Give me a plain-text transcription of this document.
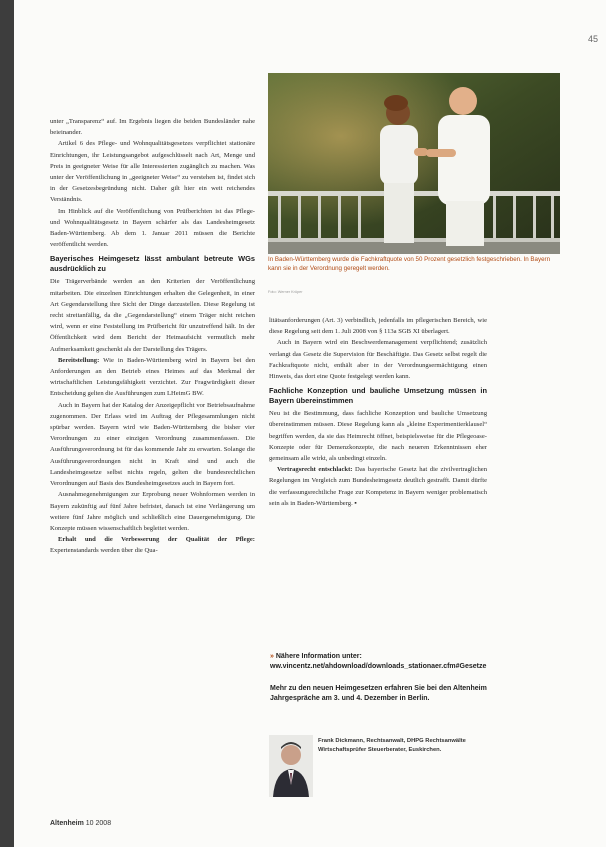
45

unter „Transparenz“ auf. Im Ergebnis liegen die beiden Bundesländer nahe beieinander.

Artikel 6 des Pflege- und Wohnqualitätsgesetzes verpflichtet stationäre Einrichtungen, ihr Leistungsangebot aufgeschlüsselt nach Art, Menge und Preis in geeigneter Weise für alle Interessierten zugänglich zu machen. Was unter der Veröffentlichung in „geeigneter Weise“ zu verstehen ist, findet sich in der Gesetzesbegründung nicht. Daher gilt hier ein weit reichendes Verständnis.

Im Hinblick auf die Veröffentlichung von Prüfberichten ist das Pflege- und Wohnqualitätsgesetz in Bayern schärfer als das Landesheimgesetz Baden-Württemberg. Ab dem 1. Januar 2011 müssen die Berichte veröffentlicht werden.

Bayerisches Heimgesetz lässt ambulant betreute WGs ausdrücklich zu

Die Trägerverbände werden an den Kriterien der Veröffentlichung mitarbeiten. Die einzelnen Einrichtungen erhalten die Gelegenheit, in einer Art Gegendarstellung ihre Sicht der Dinge darzustellen. Diese Regelung ist recht streitanfällig, da die „Gegendarstellung“ einem Träger nicht reichen wird, wenn er eine Feststellung im Prüfbericht für unzutreffend hält. In der Öffentlichkeit wird dem Bericht der Heimaufsicht vermutlich mehr Aufmerksamkeit geschenkt als der Darstellung des Trägers.

Bereitstellung: Wie in Baden-Württemberg wird in Bayern bei den Anforderungen an den Betrieb eines Heimes auf das Merkmal der wirtschaftlichen Leistungsfähigkeit verzichtet. Zur Fragwürdigkeit dieser Entscheidung gelten die Ausführungen zum LHeimG BW.

Auch in Bayern hat der Katalog der Anzeigepflicht vor Betriebsaufnahme zugenommen. Der Erlass wird im Auftrag der Pflegesammlungen nicht spürbar werden. Bayern wird wie Baden-Württemberg die bisher vier Verordnungen zu einer einzigen Verordnung zusammenfassen. Die Ausführungsverordnung ist für das kommende Jahr zu erwarten. Solange die Ausführungsverordnungen nicht in Kraft sind und auch die Landesheimgesetze selbst nichts regeln, gelten die bundesrechtlichen Verordnungen auf Basis des Bundesheimgesetzes auch in Bayern fort.

Ausnahmegenehmigungen zur Erprobung neuer Wohnformen werden in Bayern zukünftig auf fünf Jahre befristet, danach ist eine Verlängerung um weitere fünf Jahre möglich und schließlich eine Dauergenehmigung. Die Konzepte müssen wissenschaftlich begleitet werden.

Erhalt und die Verbesserung der Qualität der Pflege: Expertenstandards werden über die Qua-

In Baden-Württemberg wurde die Fachkraftquote von 50 Prozent gesetzlich festgeschrieben. In Bayern kann sie in der Verordnung geregelt werden.
Foto: Werner Krüper

litätsanforderungen (Art. 3) verbindlich, jedenfalls im pflegerischen Bereich, wie diese Regelung seit dem 1. Juli 2008 von § 113a SGB XI überlagert.

Auch in Bayern wird ein Beschwerdemanagement verpflichtend; zusätzlich verlangt das Gesetz die Supervision für Beschäftigte. Das Gesetz selbst regelt die Fachkraftquote nicht, enthält aber in der Verordnungsermächtigung einen Hinweis, das dort eine Quote festgelegt werden kann.

Fachliche Konzeption und bauliche Umsetzung müssen in Bayern übereinstimmen

Neu ist die Bestimmung, dass fachliche Konzeption und bauliche Umsetzung übereinstimmen müssen. Diese Regelung kann als „kleine Experimentierklausel“ begriffen werden, da sie das Heimrecht öffnet, beispielsweise für die Pflegeoase-Konzepte oder für Demenzkonzepte, die nach neueren Erkenntnissen eher gemeinsam alle wirkt, als unbedingt einzeln.

Vertragsrecht entschlackt: Das bayerische Gesetz hat die zivilvertraglichen Regelungen im Vergleich zum Bundesheimgesetz deutlich gestrafft. Damit dürfte die verfassungsrechtliche Frage zur Kompetenz in Bayern weniger problematisch sein als in Baden-Württemberg. ▪

» Nähere Information unter: ww.vincentz.net/ahdownload/downloads_stationaer.cfm#Gesetze
Mehr zu den neuen Heimgesetzen erfahren Sie bei den Altenheim Jahrgespräche am 3. und 4. Dezember in Berlin.
Frank Dickmann, Rechtsanwalt, DHPG Rechtsanwälte Wirtschaftsprüfer Steuerberater, Euskirchen.
Altenheim 10 2008
